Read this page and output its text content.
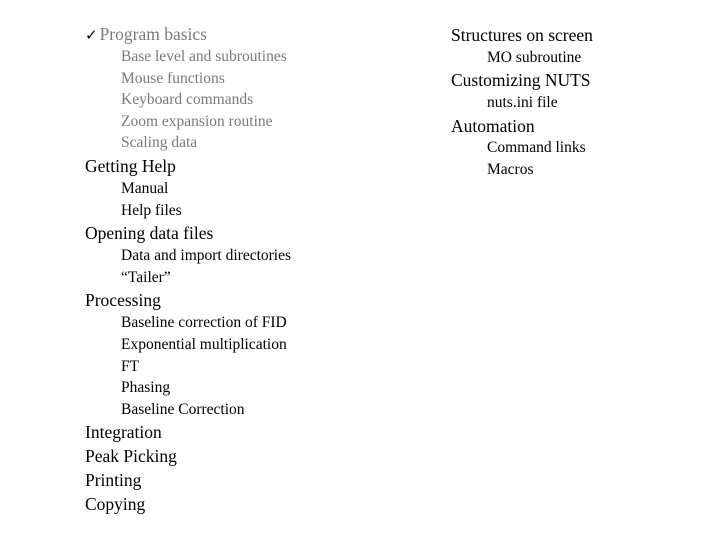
✓ Program basics
Base level and subroutines
Mouse functions
Keyboard commands
Zoom expansion routine
Scaling data
Getting Help
Manual
Help files
Opening data files
Data and import directories
“Tailer”
Processing
Baseline correction of FID
Exponential multiplication
FT
Phasing
Baseline Correction
Integration
Peak Picking
Printing
Copying
Structures on screen
MO subroutine
Customizing NUTS
nuts.ini file
Automation
Command links
Macros
